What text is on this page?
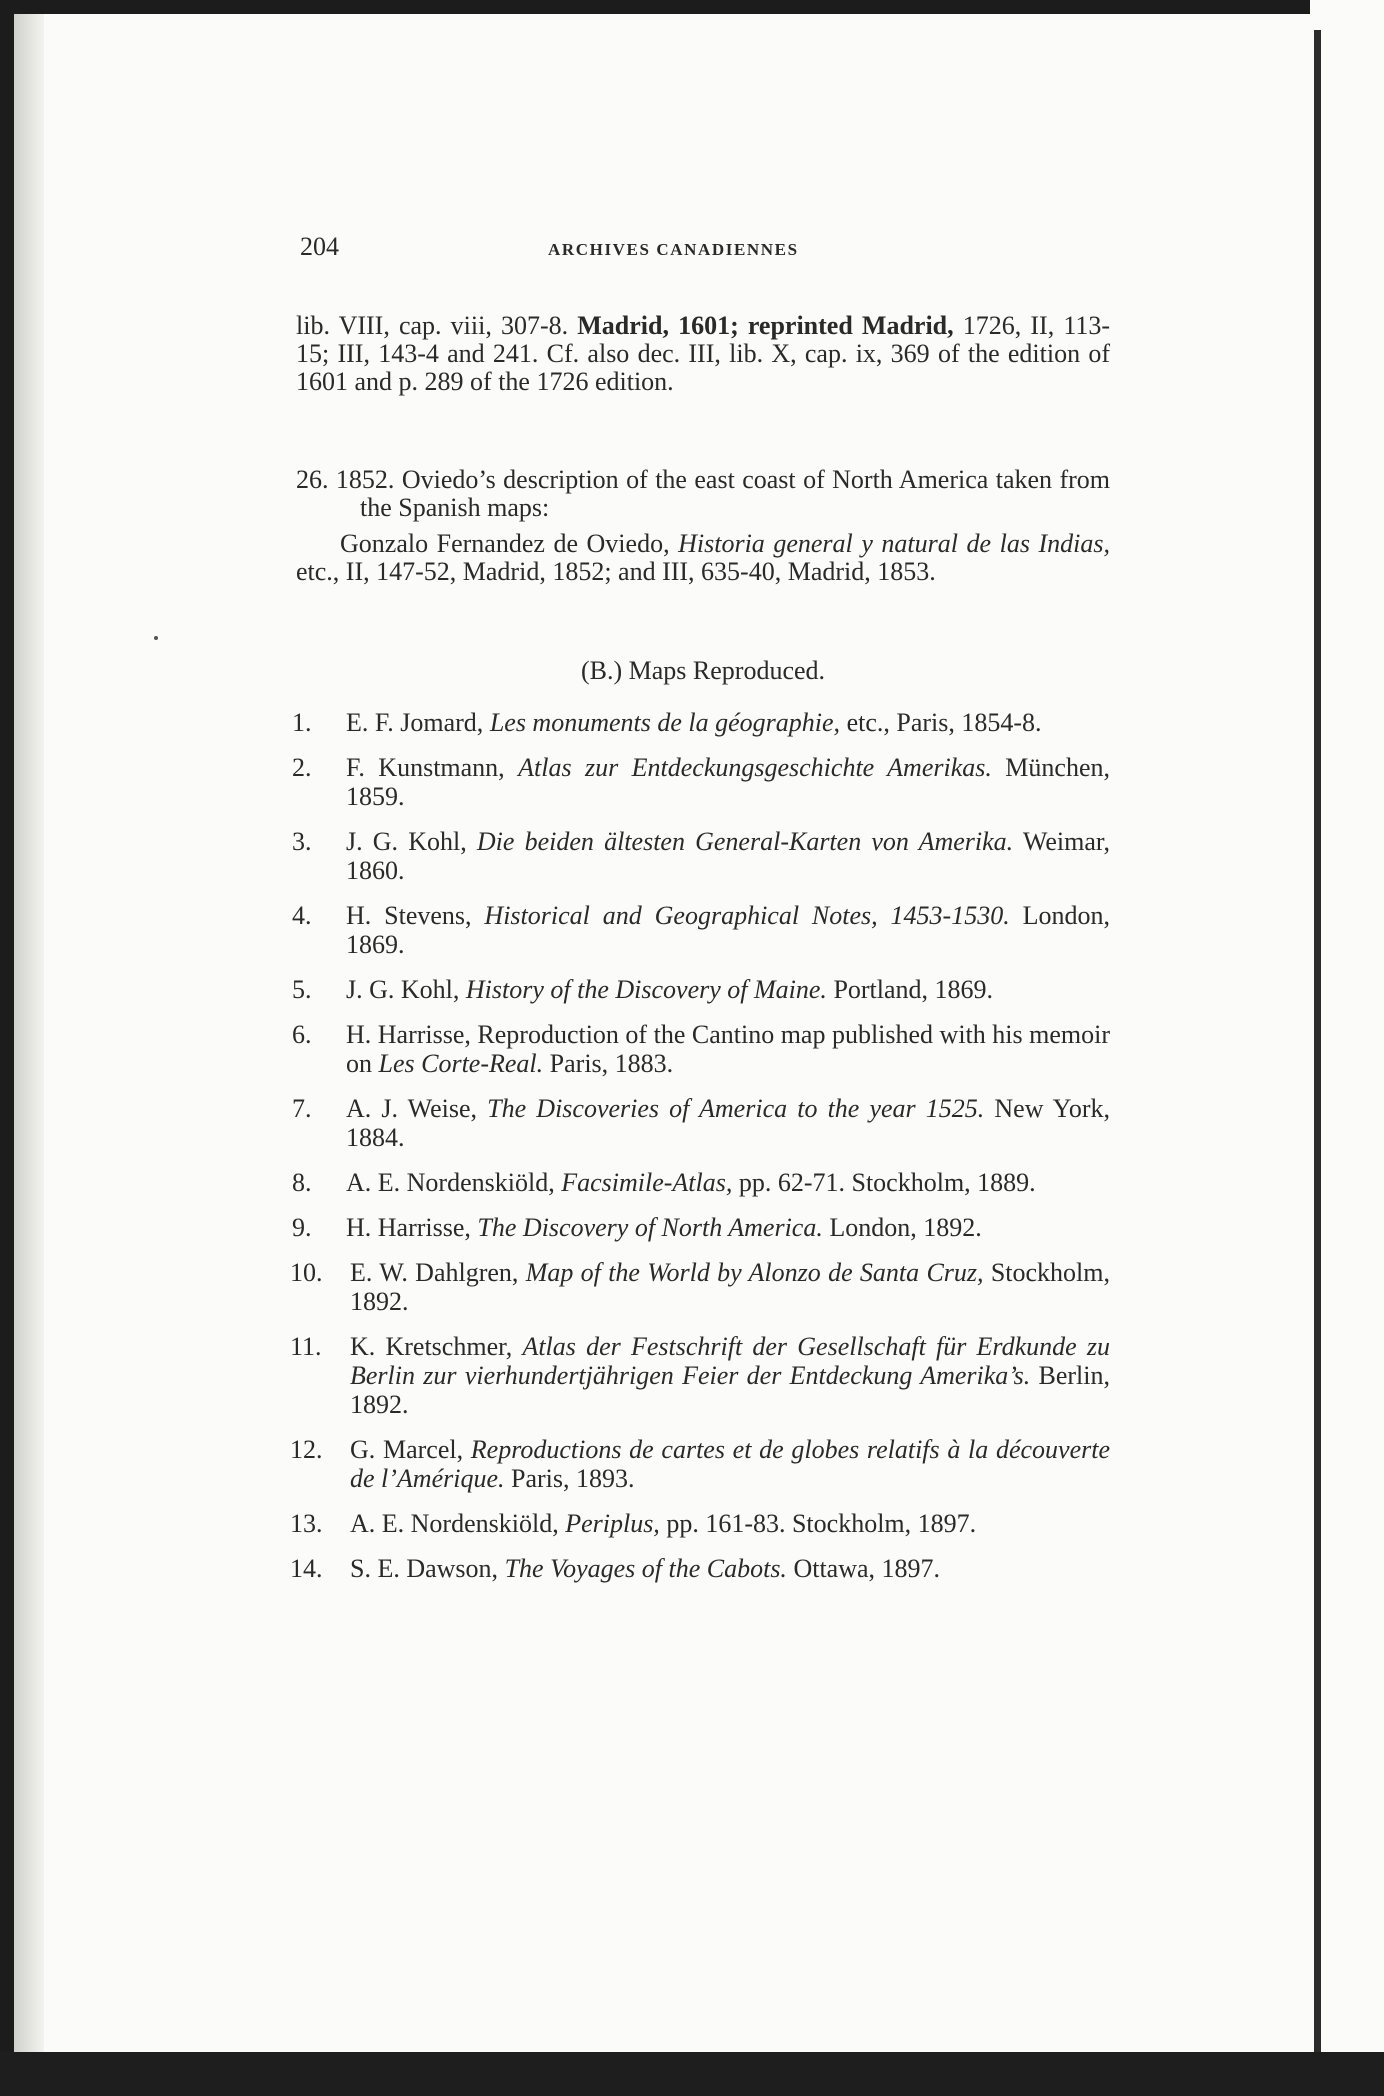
204	ARCHIVES CANADIENNES

lib. VIII, cap. viii, 307-8. Madrid, 1601; reprinted Madrid, 1726, II, 113-15; III, 143-4 and 241. Cf. also dec. III, lib. X, cap. ix, 369 of the edition of 1601 and p. 289 of the 1726 edition.

26. 1852. Oviedo’s description of the east coast of North America taken from the Spanish maps:

Gonzalo Fernandez de Oviedo, Historia general y natural de las Indias, etc., II, 147-52, Madrid, 1852; and III, 635-40, Madrid, 1853.

(B.) Maps Reproduced.
1.	E. F. Jomard, Les monuments de la géographie, etc., Paris, 1854-8.
2.	F. Kunstmann, Atlas zur Entdeckungsgeschichte Amerikas. München, 1859.
3.	J. G. Kohl, Die beiden ältesten General-Karten von Amerika. Weimar, 1860.
4.	H. Stevens, Historical and Geographical Notes, 1453-1530. London, 1869.
5.	J. G. Kohl, History of the Discovery of Maine. Portland, 1869.
6.	H. Harrisse, Reproduction of the Cantino map published with his memoir on Les Corte-Real. Paris, 1883.
7.	A. J. Weise, The Discoveries of America to the year 1525. New York, 1884.
8.	A. E. Nordenskiöld, Facsimile-Atlas, pp. 62-71. Stockholm, 1889.
9.	H. Harrisse, The Discovery of North America. London, 1892.
10.	E. W. Dahlgren, Map of the World by Alonzo de Santa Cruz, Stockholm, 1892.
11.	K. Kretschmer, Atlas der Festschrift der Gesellschaft für Erdkunde zu Berlin zur vierhundertjährigen Feier der Entdeckung Amerika’s. Berlin, 1892.
12.	G. Marcel, Reproductions de cartes et de globes relatifs à la découverte de l’Amérique. Paris, 1893.
13.	A. E. Nordenskiöld, Periplus, pp. 161-83. Stockholm, 1897.
14.	S. E. Dawson, The Voyages of the Cabots. Ottawa, 1897.
